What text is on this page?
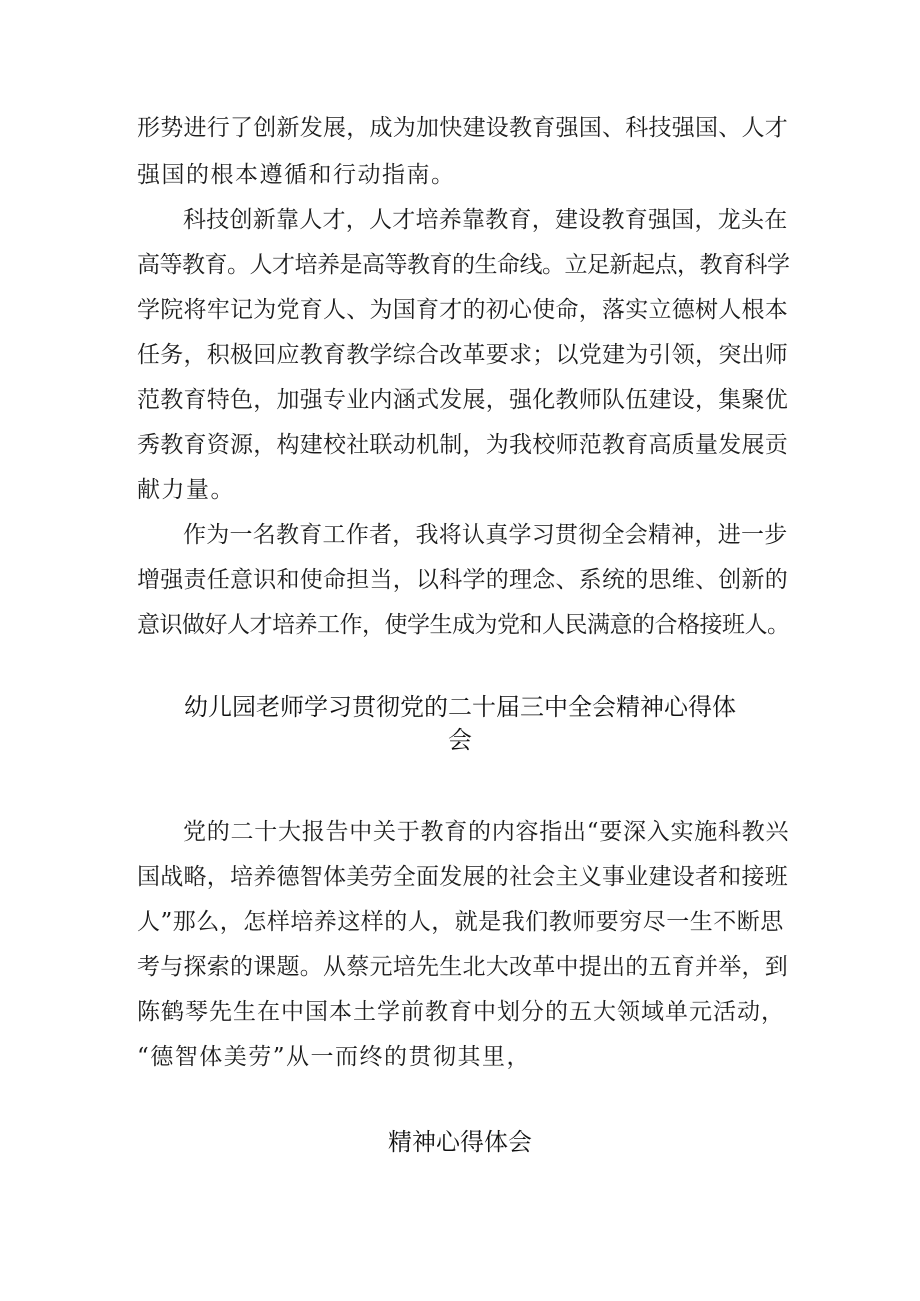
形势进行了创新发展，成为加快建设教育强国、科技强国、人才
强国的根本遵循和行动指南。
科技创新靠人才，人才培养靠教育，建设教育强国，龙头在
高等教育。人才培养是高等教育的生命线。立足新起点，教育科学
学院将牢记为党育人、为国育才的初心使命，落实立德树人根本
任务，积极回应教育教学综合改革要求；以党建为引领，突出师
范教育特色，加强专业内涵式发展，强化教师队伍建设，集聚优
秀教育资源，构建校社联动机制，为我校师范教育高质量发展贡
献力量。
作为一名教育工作者，我将认真学习贯彻全会精神，进一步
增强责任意识和使命担当，以科学的理念、系统的思维、创新的
意识做好人才培养工作，使学生成为党和人民满意的合格接班人。
幼儿园老师学习贯彻党的二十届三中全会精神心得体
会
党的二十大报告中关于教育的内容指出“要深入实施科教兴
国战略，培养德智体美劳全面发展的社会主义事业建设者和接班
人”那么，怎样培养这样的人，就是我们教师要穷尽一生不断思
考与探索的课题。从蔡元培先生北大改革中提出的五育并举，到
陈鹤琴先生在中国本土学前教育中划分的五大领域单元活动，
“德智体美劳”从一而终的贯彻其里，
精神心得体会
